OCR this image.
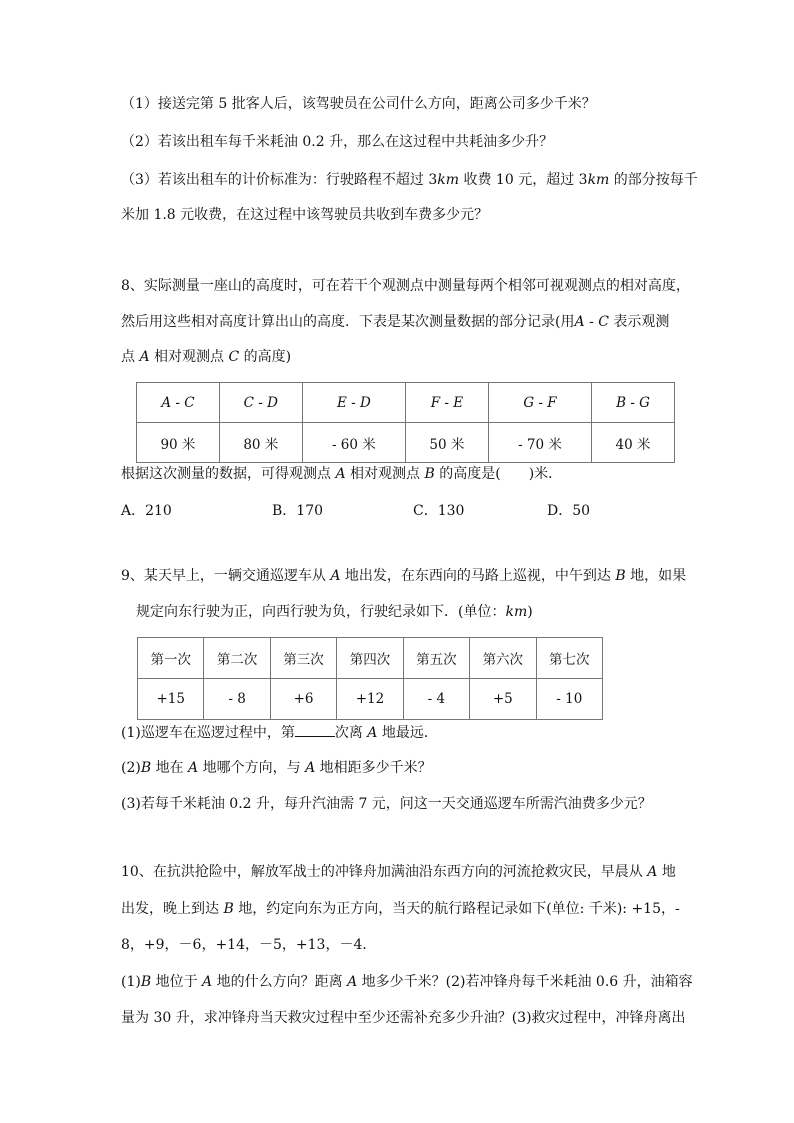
（1）接送完第 5 批客人后，该驾驶员在公司什么方向，距离公司多少千米？
（2）若该出租车每千米耗油 0.2 升，那么在这过程中共耗油多少升？
（3）若该出租车的计价标准为：行驶路程不超过 3km 收费 10 元，超过 3km 的部分按每千
米加 1.8 元收费，在这过程中该驾驶员共收到车费多少元？
8、实际测量一座山的高度时，可在若干个观测点中测量每两个相邻可视观测点的相对高度，
然后用这些相对高度计算出山的高度．下表是某次测量数据的部分记录(用A - C 表示观测
点 A 相对观测点 C 的高度)
A - C	C - D	E - D	F - E	G - F	B - G
90 米	80 米	- 60 米	50 米	- 70 米	40 米
根据这次测量的数据，可得观测点 A 相对观测点 B 的高度是( )米．
A．210	B．170	C．130	D．50
9、某天早上，一辆交通巡逻车从 A 地出发，在东西向的马路上巡视，中午到达 B 地，如果
规定向东行驶为正，向西行驶为负，行驶纪录如下．(单位：km)
第一次	第二次	第三次	第四次	第五次	第六次	第七次
+15	- 8	+6	+12	- 4	+5	- 10
(1)巡逻车在巡逻过程中，第	次离 A 地最远．
(2)B 地在 A 地哪个方向，与 A 地相距多少千米？
(3)若每千米耗油 0.2 升，每升汽油需 7 元，问这一天交通巡逻车所需汽油费多少元？
10、在抗洪抢险中，解放军战士的冲锋舟加满油沿东西方向的河流抢救灾民，早晨从 A 地
出发，晚上到达 B 地，约定向东为正方向，当天的航行路程记录如下(单位: 千米): +15，-
8，+9，－6，+14，－5，+13，－4．
(1)B 地位于 A 地的什么方向？距离 A 地多少千米？(2)若冲锋舟每千米耗油 0.6 升，油箱容
量为 30 升，求冲锋舟当天救灾过程中至少还需补充多少升油？(3)救灾过程中，冲锋舟离出
